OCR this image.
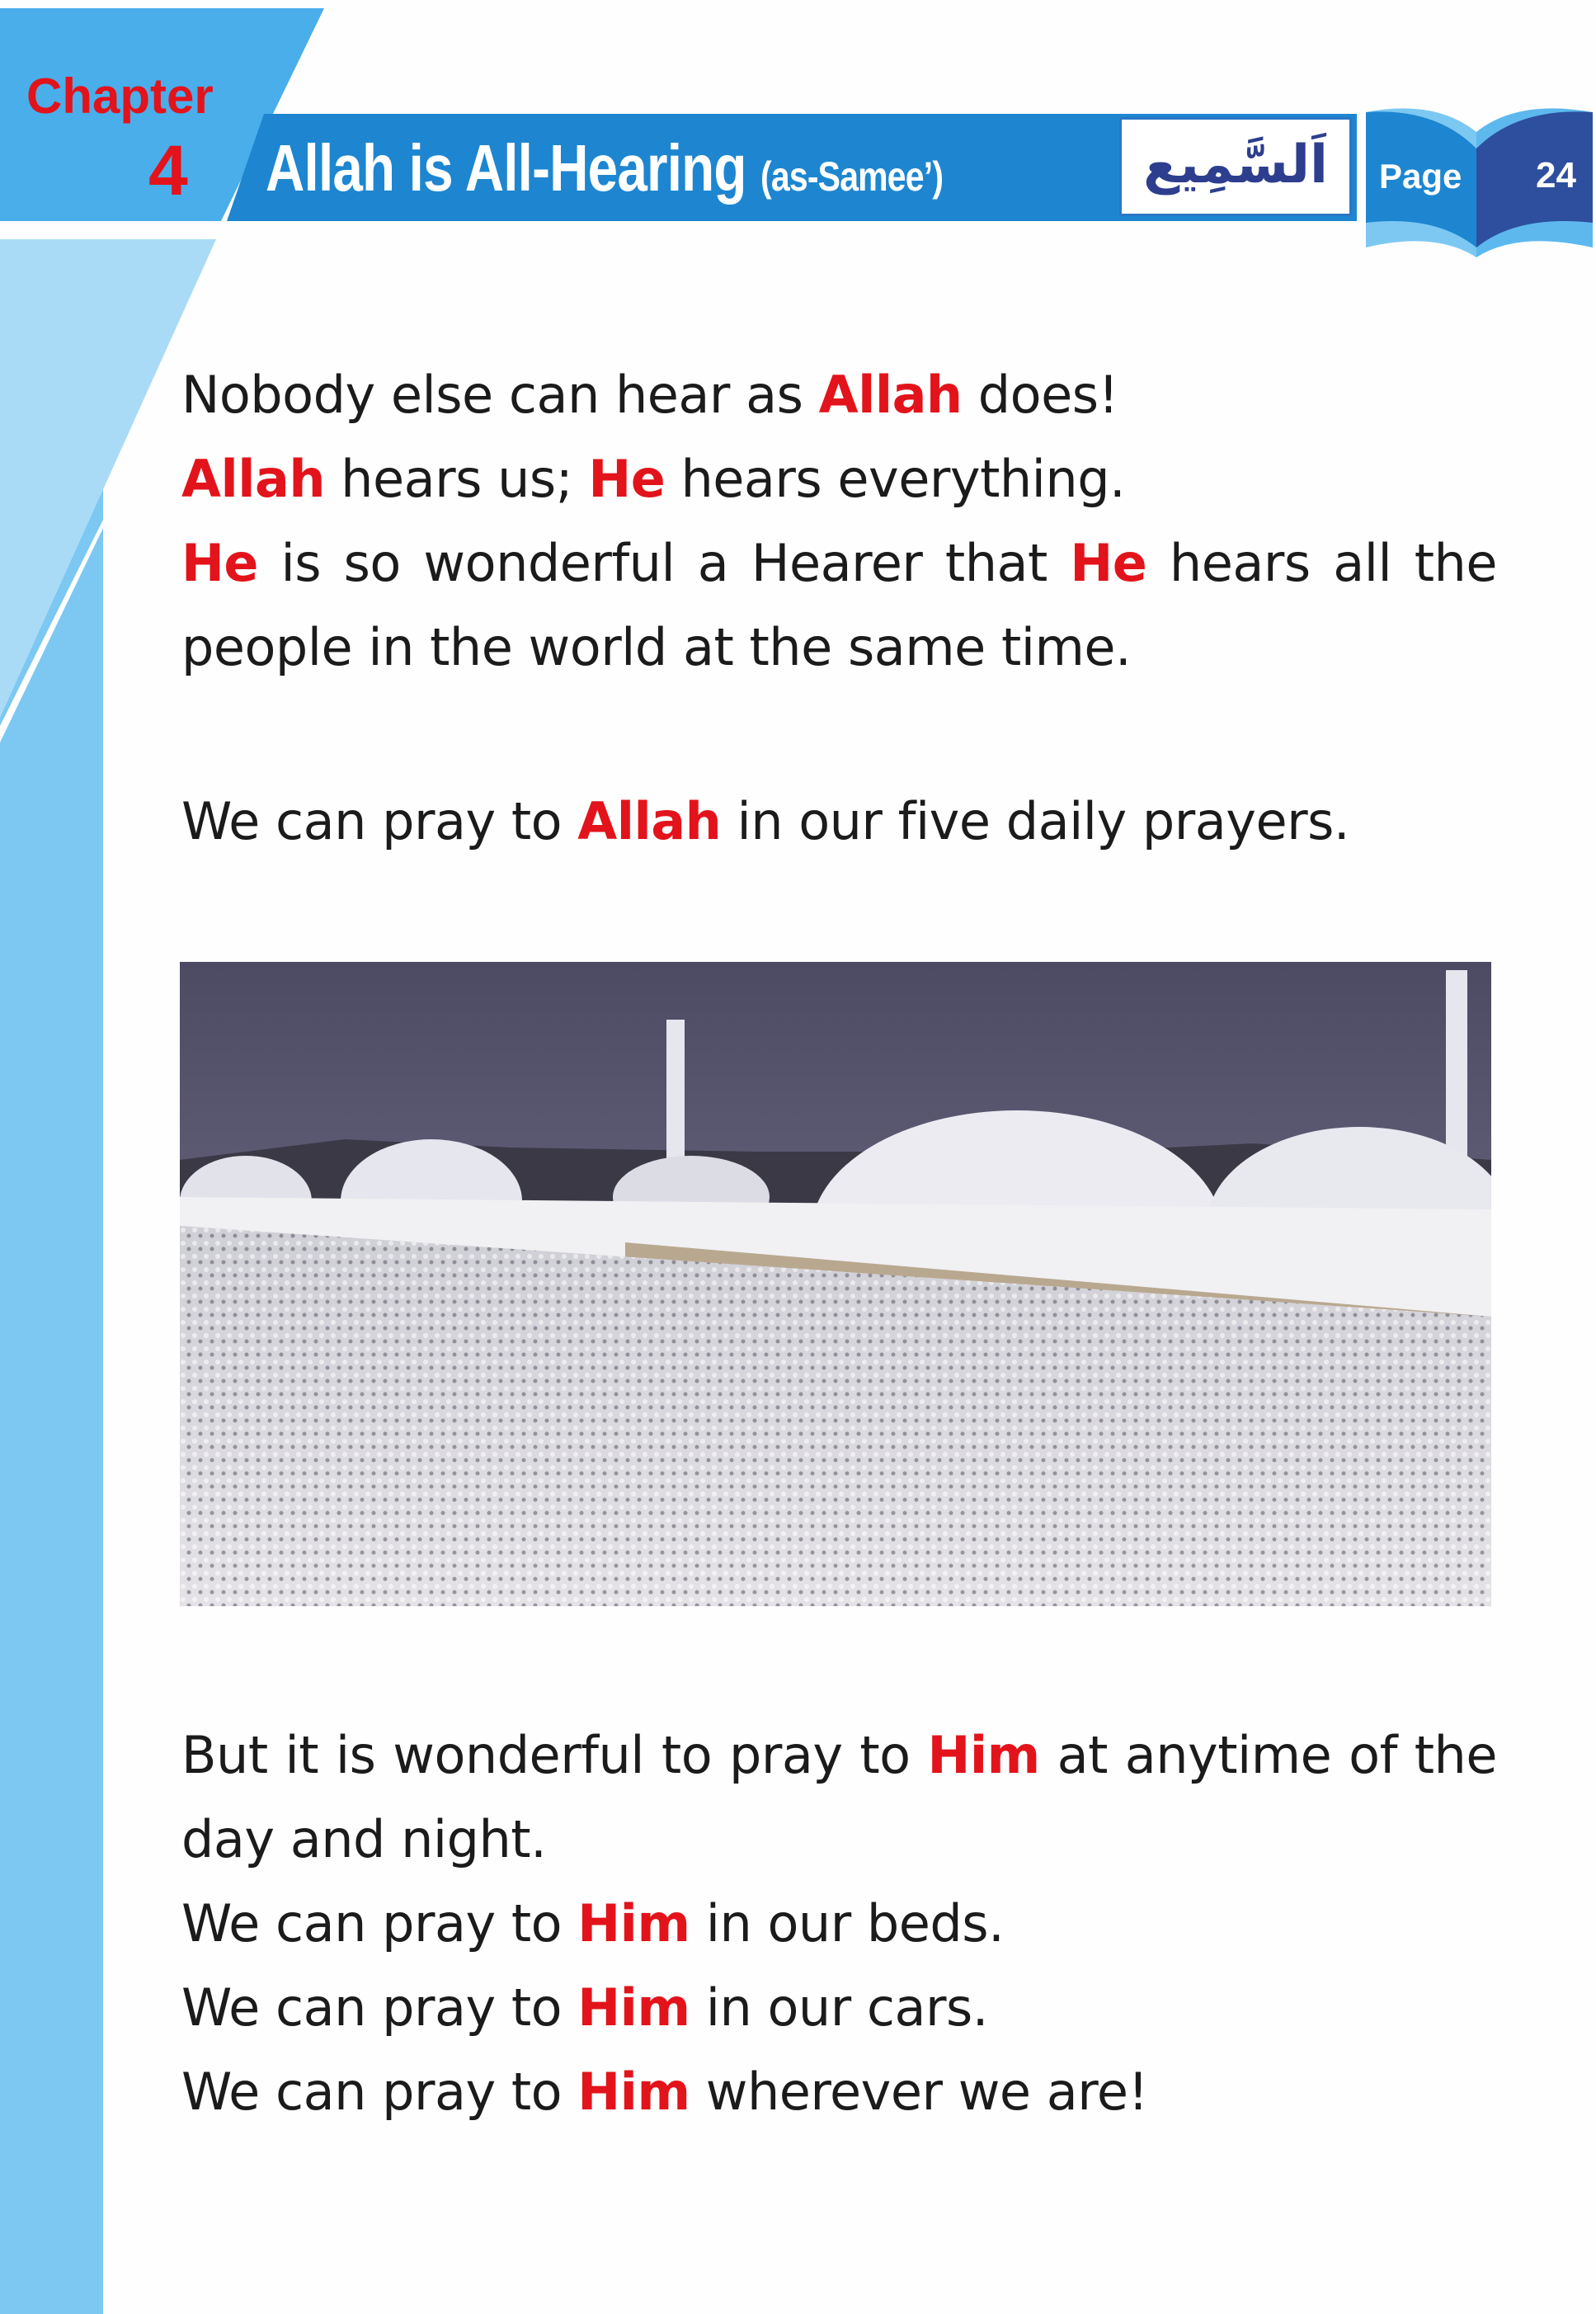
Chapter
4 Allah is All-Hearing (as-Samee’)	اَلسَّمِيع	Page 24

Nobody else can hear as Allah does!

Allah hears us; He hears everything.

He is so wonderful a Hearer that He hears all the people in the world at the same time.

We can pray to Allah in our five daily prayers.

But it is wonderful to pray to Him at anytime of the day and night.

We can pray to Him in our beds.

We can pray to Him in our cars.

We can pray to Him wherever we are!
